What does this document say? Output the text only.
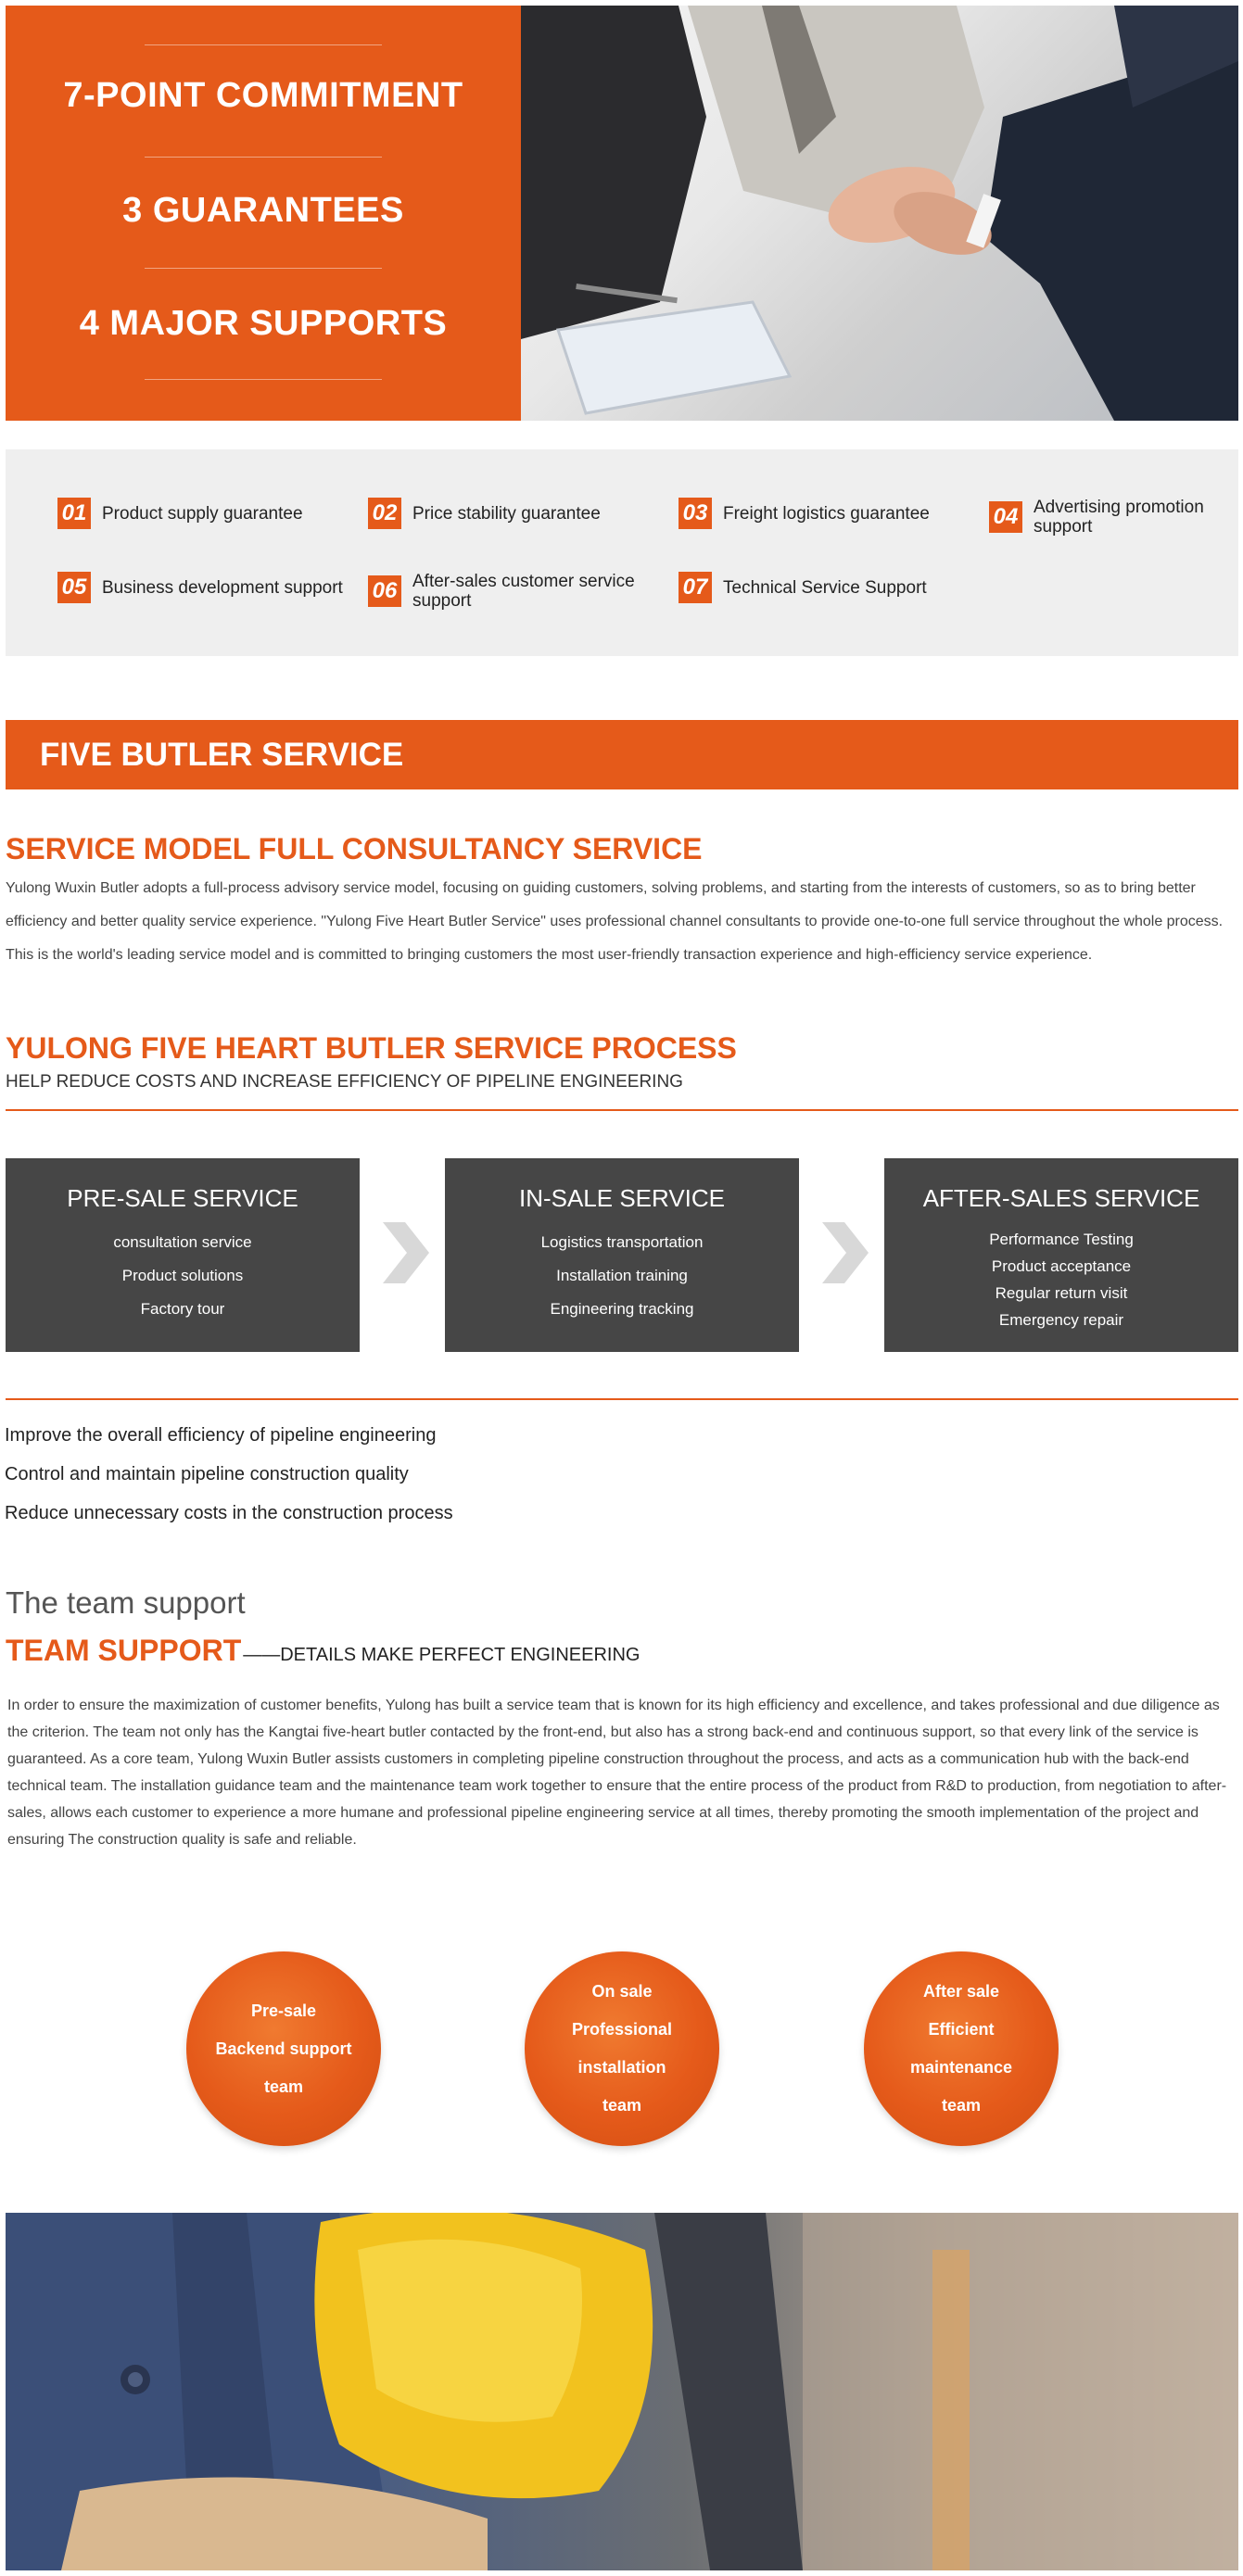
7-POINT COMMITMENT
3 GUARANTEES
4 MAJOR SUPPORTS
01 Product supply guarantee	02 Price stability guarantee	03 Freight logistics guarantee	04 Advertising promotion support
05 Business development support 06 After-sales customer service support
07 Technical Service Support
FIVE BUTLER SERVICE
SERVICE MODEL FULL CONSULTANCY SERVICE
Yulong Wuxin Butler adopts a full-process advisory service model, focusing on guiding customers, solving problems, and starting from the interests of customers, so as to bring better efficiency and better quality service experience. "Yulong Five Heart Butler Service" uses professional channel consultants to provide one-to-one full service throughout the whole process. This is the world's leading service model and is committed to bringing customers the most user-friendly transaction experience and high-efficiency service experience.
YULONG FIVE HEART BUTLER SERVICE PROCESS
HELP REDUCE COSTS AND INCREASE EFFICIENCY OF PIPELINE ENGINEERING
PRE-SALE SERVICE
consultation service
Product solutions
Factory tour
IN-SALE SERVICE
Logistics transportation
Installation training
Engineering tracking
AFTER-SALES SERVICE
Performance Testing
Product acceptance
Regular return visit
Emergency repair
Improve the overall efficiency of pipeline engineering
Control and maintain pipeline construction quality
Reduce unnecessary costs in the construction process
The team support
TEAM SUPPORT —— DETAILS MAKE PERFECT ENGINEERING
In order to ensure the maximization of customer benefits, Yulong has built a service team that is known for its high efficiency and excellence, and takes professional and due diligence as the criterion. The team not only has the Kangtai five-heart butler contacted by the front-end, but also has a strong back-end and continuous support, so that every link of the service is guaranteed. As a core team, Yulong Wuxin Butler assists customers in completing pipeline construction throughout the process, and acts as a communication hub with the back-end technical team. The installation guidance team and the maintenance team work together to ensure that the entire process of the product from R&D to production, from negotiation to after-sales, allows each customer to experience a more humane and professional pipeline engineering service at all times, thereby promoting the smooth implementation of the project and ensuring The construction quality is safe and reliable.
Pre-sale
Backend support
team
On sale
Professional
installation
team
After sale
Efficient
maintenance
team
